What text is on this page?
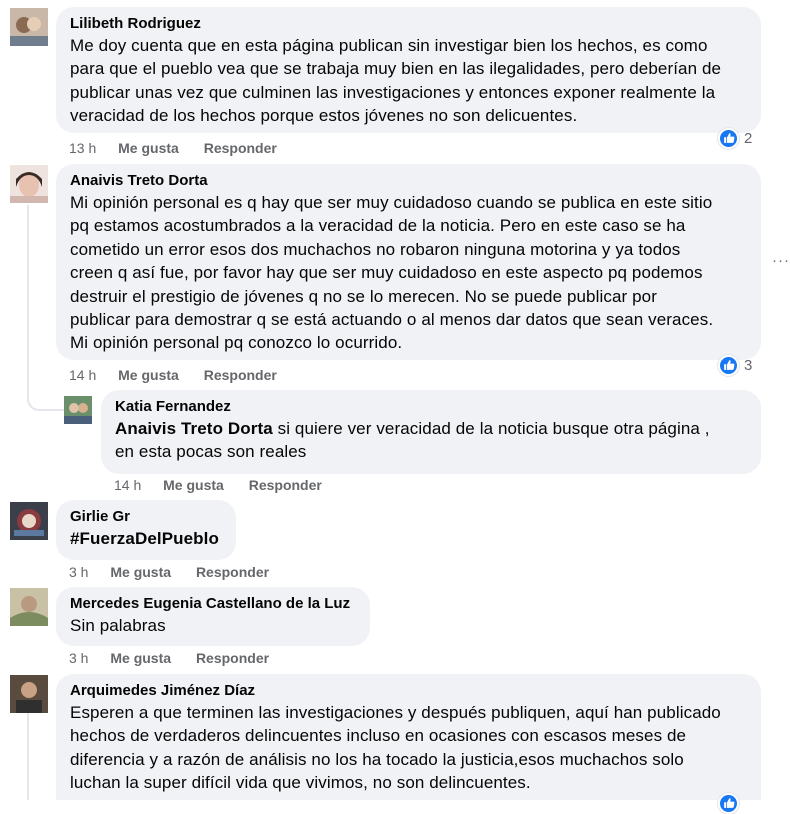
Lilibeth Rodriguez
Me doy cuenta que en esta página publican sin investigar bien los hechos, es como
para que el pueblo vea que se trabaja muy bien en las ilegalidades, pero deberían de
publicar unas vez que culminen las investigaciones y entonces exponer realmente la
veracidad de los hechos porque estos jóvenes no son delicuentes.
2
13 h Me gusta Responder
Anaivis Treto Dorta
Mi opinión personal es q hay que ser muy cuidadoso cuando se publica en este sitio
pq estamos acostumbrados a la veracidad de la noticia. Pero en este caso se ha
cometido un error esos dos muchachos no robaron ninguna motorina y ya todos
creen q así fue, por favor hay que ser muy cuidadoso en este aspecto pq podemos
destruir el prestigio de jóvenes q no se lo merecen. No se puede publicar por
publicar para demostrar q se está actuando o al menos dar datos que sean veraces.
Mi opinión personal pq conozco lo ocurrido.
···
3
14 h Me gusta Responder
Katia Fernandez
Anaivis Treto Dorta si quiere ver veracidad de la noticia busque otra página ,
en esta pocas son reales
14 h Me gusta Responder
Girlie Gr
#FuerzaDelPueblo
3 h Me gusta Responder
Mercedes Eugenia Castellano de la Luz
Sin palabras
3 h Me gusta Responder
Arquimedes Jiménez Díaz
Esperen a que terminen las investigaciones y después publiquen, aquí han publicado
hechos de verdaderos delincuentes incluso en ocasiones con escasos meses de
diferencia y a razón de análisis no los ha tocado la justicia,esos muchachos solo
luchan la super difícil vida que vivimos, no son delincuentes.
